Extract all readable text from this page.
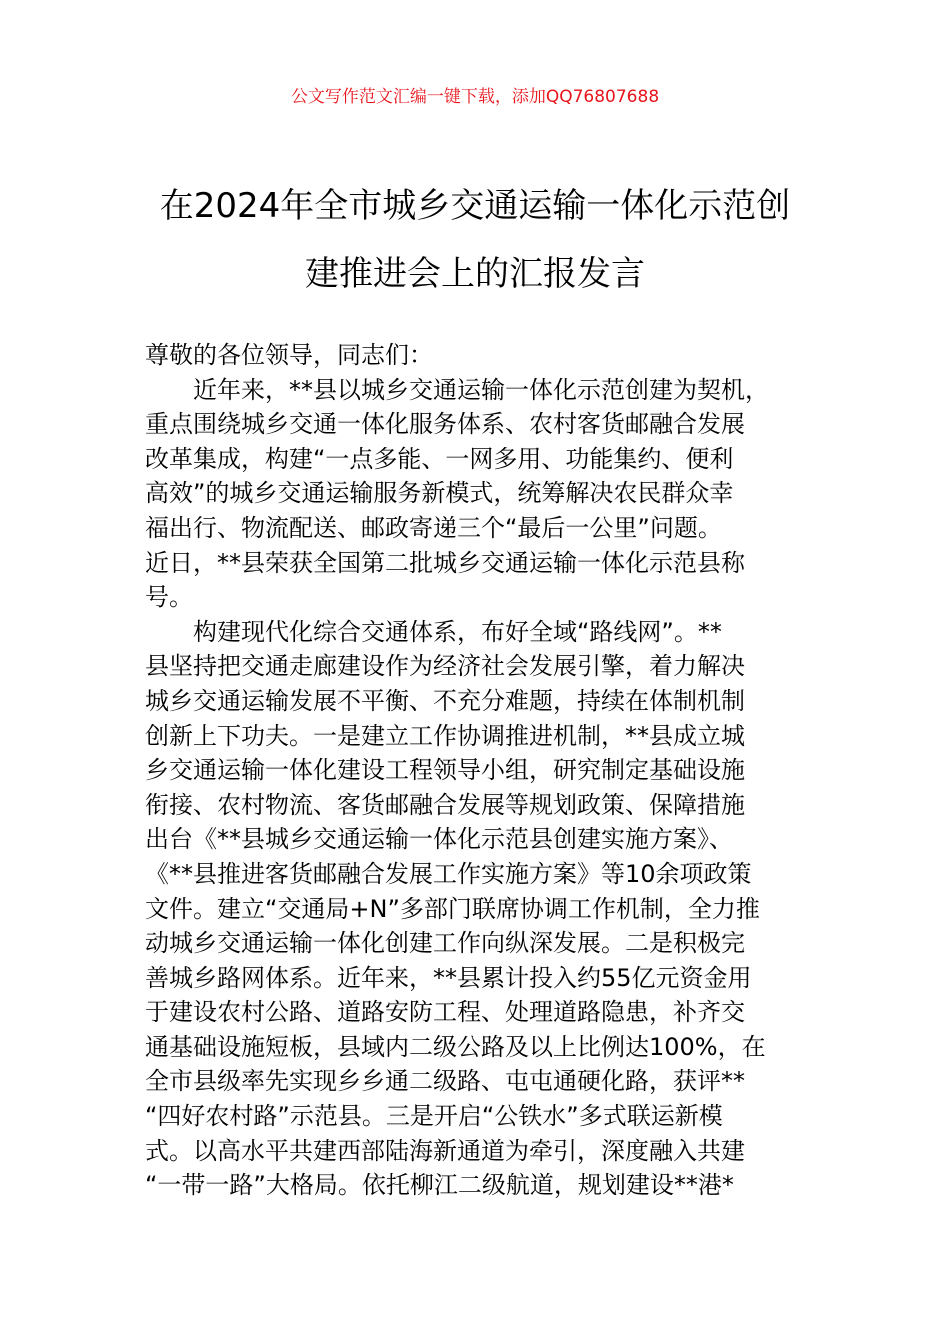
公文写作范文汇编一键下载，添加QQ76807688
在2024年全市城乡交通运输一体化示范创
建推进会上的汇报发言
尊敬的各位领导，同志们：
近年来，**县以城乡交通运输一体化示范创建为契机，
重点围绕城乡交通一体化服务体系、农村客货邮融合发展
改革集成，构建“一点多能、一网多用、功能集约、便利
高效”的城乡交通运输服务新模式，统筹解决农民群众幸
福出行、物流配送、邮政寄递三个“最后一公里”问题。
近日，**县荣获全国第二批城乡交通运输一体化示范县称
号。
构建现代化综合交通体系，布好全域“路线网”。**
县坚持把交通走廊建设作为经济社会发展引擎，着力解决
城乡交通运输发展不平衡、不充分难题，持续在体制机制
创新上下功夫。一是建立工作协调推进机制，**县成立城
乡交通运输一体化建设工程领导小组，研究制定基础设施
衔接、农村物流、客货邮融合发展等规划政策、保障措施
出台《**县城乡交通运输一体化示范县创建实施方案》、
《**县推进客货邮融合发展工作实施方案》等10余项政策
文件。建立“交通局+N”多部门联席协调工作机制，全力推
动城乡交通运输一体化创建工作向纵深发展。二是积极完
善城乡路网体系。近年来，**县累计投入约55亿元资金用
于建设农村公路、道路安防工程、处理道路隐患，补齐交
通基础设施短板，县域内二级公路及以上比例达100%，在
全市县级率先实现乡乡通二级路、屯屯通硬化路，获评**
“四好农村路”示范县。三是开启“公铁水”多式联运新模
式。以高水平共建西部陆海新通道为牵引，深度融入共建
“一带一路”大格局。依托柳江二级航道，规划建设**港*
